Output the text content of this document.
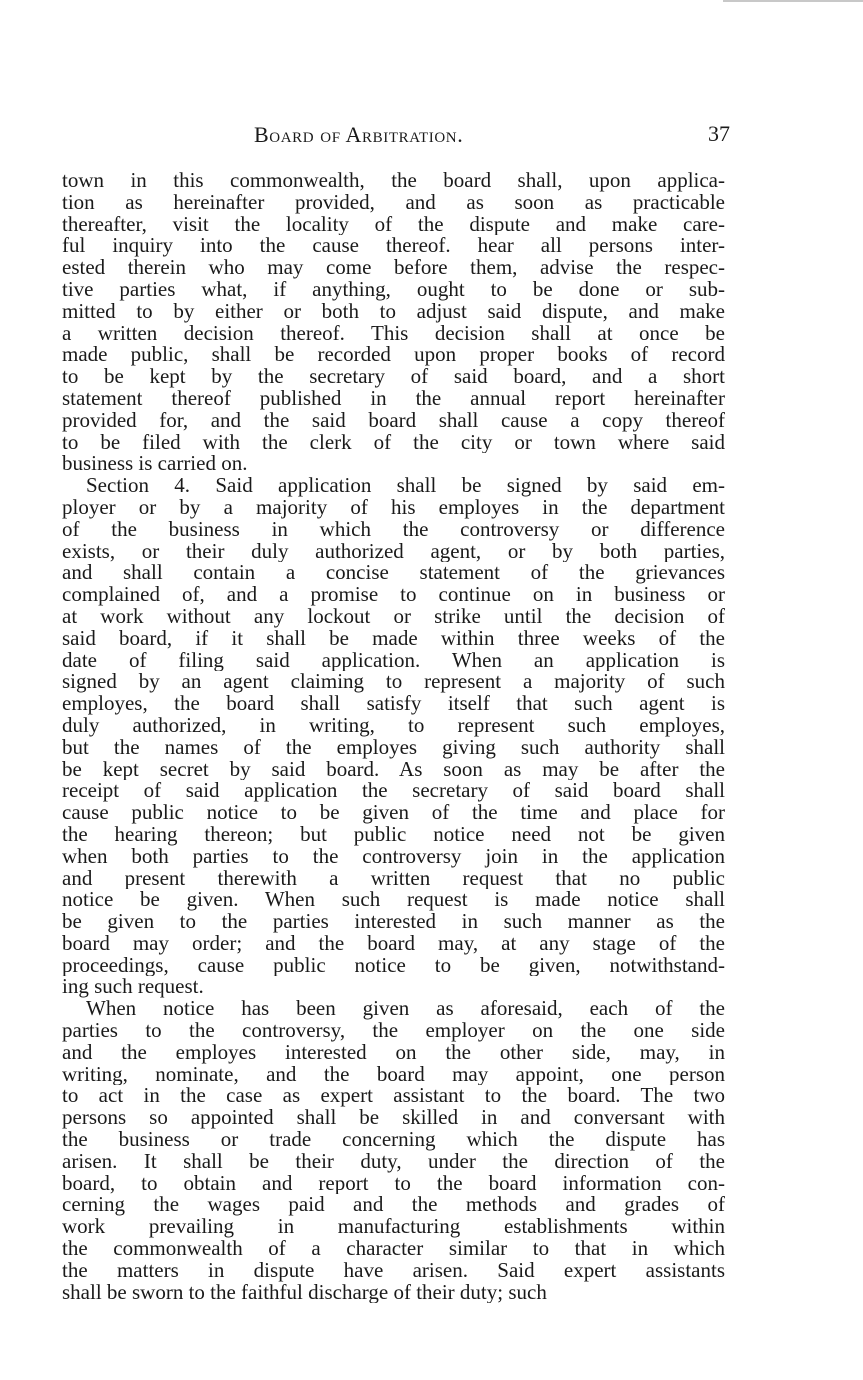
Board of Arbitration.	37
town in this commonwealth, the board shall, upon applica-
tion as hereinafter provided, and as soon as practicable
thereafter, visit the locality of the dispute and make care-
ful inquiry into the cause thereof. hear all persons inter-
ested therein who may come before them, advise the respec-
tive parties what, if anything, ought to be done or sub-
mitted to by either or both to adjust said dispute, and make
a written decision thereof. This decision shall at once be
made public, shall be recorded upon proper books of record
to be kept by the secretary of said board, and a short
statement thereof published in the annual report hereinafter
provided for, and the said board shall cause a copy thereof
to be filed with the clerk of the city or town where said
business is carried on.
Section 4. Said application shall be signed by said em-
ployer or by a majority of his employes in the department
of the business in which the controversy or difference
exists, or their duly authorized agent, or by both parties,
and shall contain a concise statement of the grievances
complained of, and a promise to continue on in business or
at work without any lockout or strike until the decision of
said board, if it shall be made within three weeks of the
date of filing said application. When an application is
signed by an agent claiming to represent a majority of such
employes, the board shall satisfy itself that such agent is
duly authorized, in writing, to represent such employes,
but the names of the employes giving such authority shall
be kept secret by said board. As soon as may be after the
receipt of said application the secretary of said board shall
cause public notice to be given of the time and place for
the hearing thereon; but public notice need not be given
when both parties to the controversy join in the application
and present therewith a written request that no public
notice be given. When such request is made notice shall
be given to the parties interested in such manner as the
board may order; and the board may, at any stage of the
proceedings, cause public notice to be given, notwithstand-
ing such request.
When notice has been given as aforesaid, each of the
parties to the controversy, the employer on the one side
and the employes interested on the other side, may, in
writing, nominate, and the board may appoint, one person
to act in the case as expert assistant to the board. The two
persons so appointed shall be skilled in and conversant with
the business or trade concerning which the dispute has
arisen. It shall be their duty, under the direction of the
board, to obtain and report to the board information con-
cerning the wages paid and the methods and grades of
work prevailing in manufacturing establishments within
the commonwealth of a character similar to that in which
the matters in dispute have arisen. Said expert assistants
shall be sworn to the faithful discharge of their duty; such
